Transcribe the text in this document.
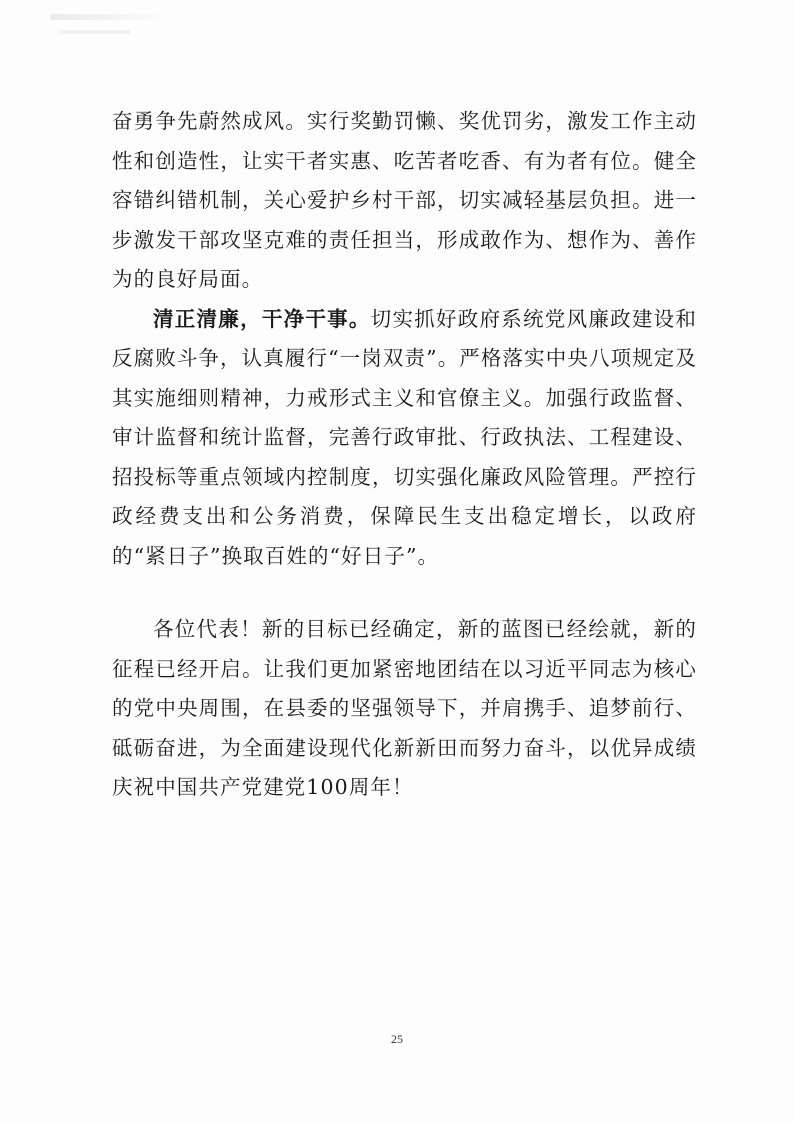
奋勇争先蔚然成风。实行奖勤罚懒、奖优罚劣，激发工作主动性和创造性，让实干者实惠、吃苦者吃香、有为者有位。健全容错纠错机制，关心爱护乡村干部，切实减轻基层负担。进一步激发干部攻坚克难的责任担当，形成敢作为、想作为、善作为的良好局面。

清正清廉，干净干事。切实抓好政府系统党风廉政建设和反腐败斗争，认真履行“一岗双责”。严格落实中央八项规定及其实施细则精神，力戒形式主义和官僚主义。加强行政监督、审计监督和统计监督，完善行政审批、行政执法、工程建设、招投标等重点领域内控制度，切实强化廉政风险管理。严控行政经费支出和公务消费，保障民生支出稳定增长，以政府的“紧日子”换取百姓的“好日子”。

各位代表！新的目标已经确定，新的蓝图已经绘就，新的征程已经开启。让我们更加紧密地团结在以习近平同志为核心的党中央周围，在县委的坚强领导下，并肩携手、追梦前行、砥砺奋进，为全面建设现代化新新田而努力奋斗，以优异成绩庆祝中国共产党建党100周年！

25
